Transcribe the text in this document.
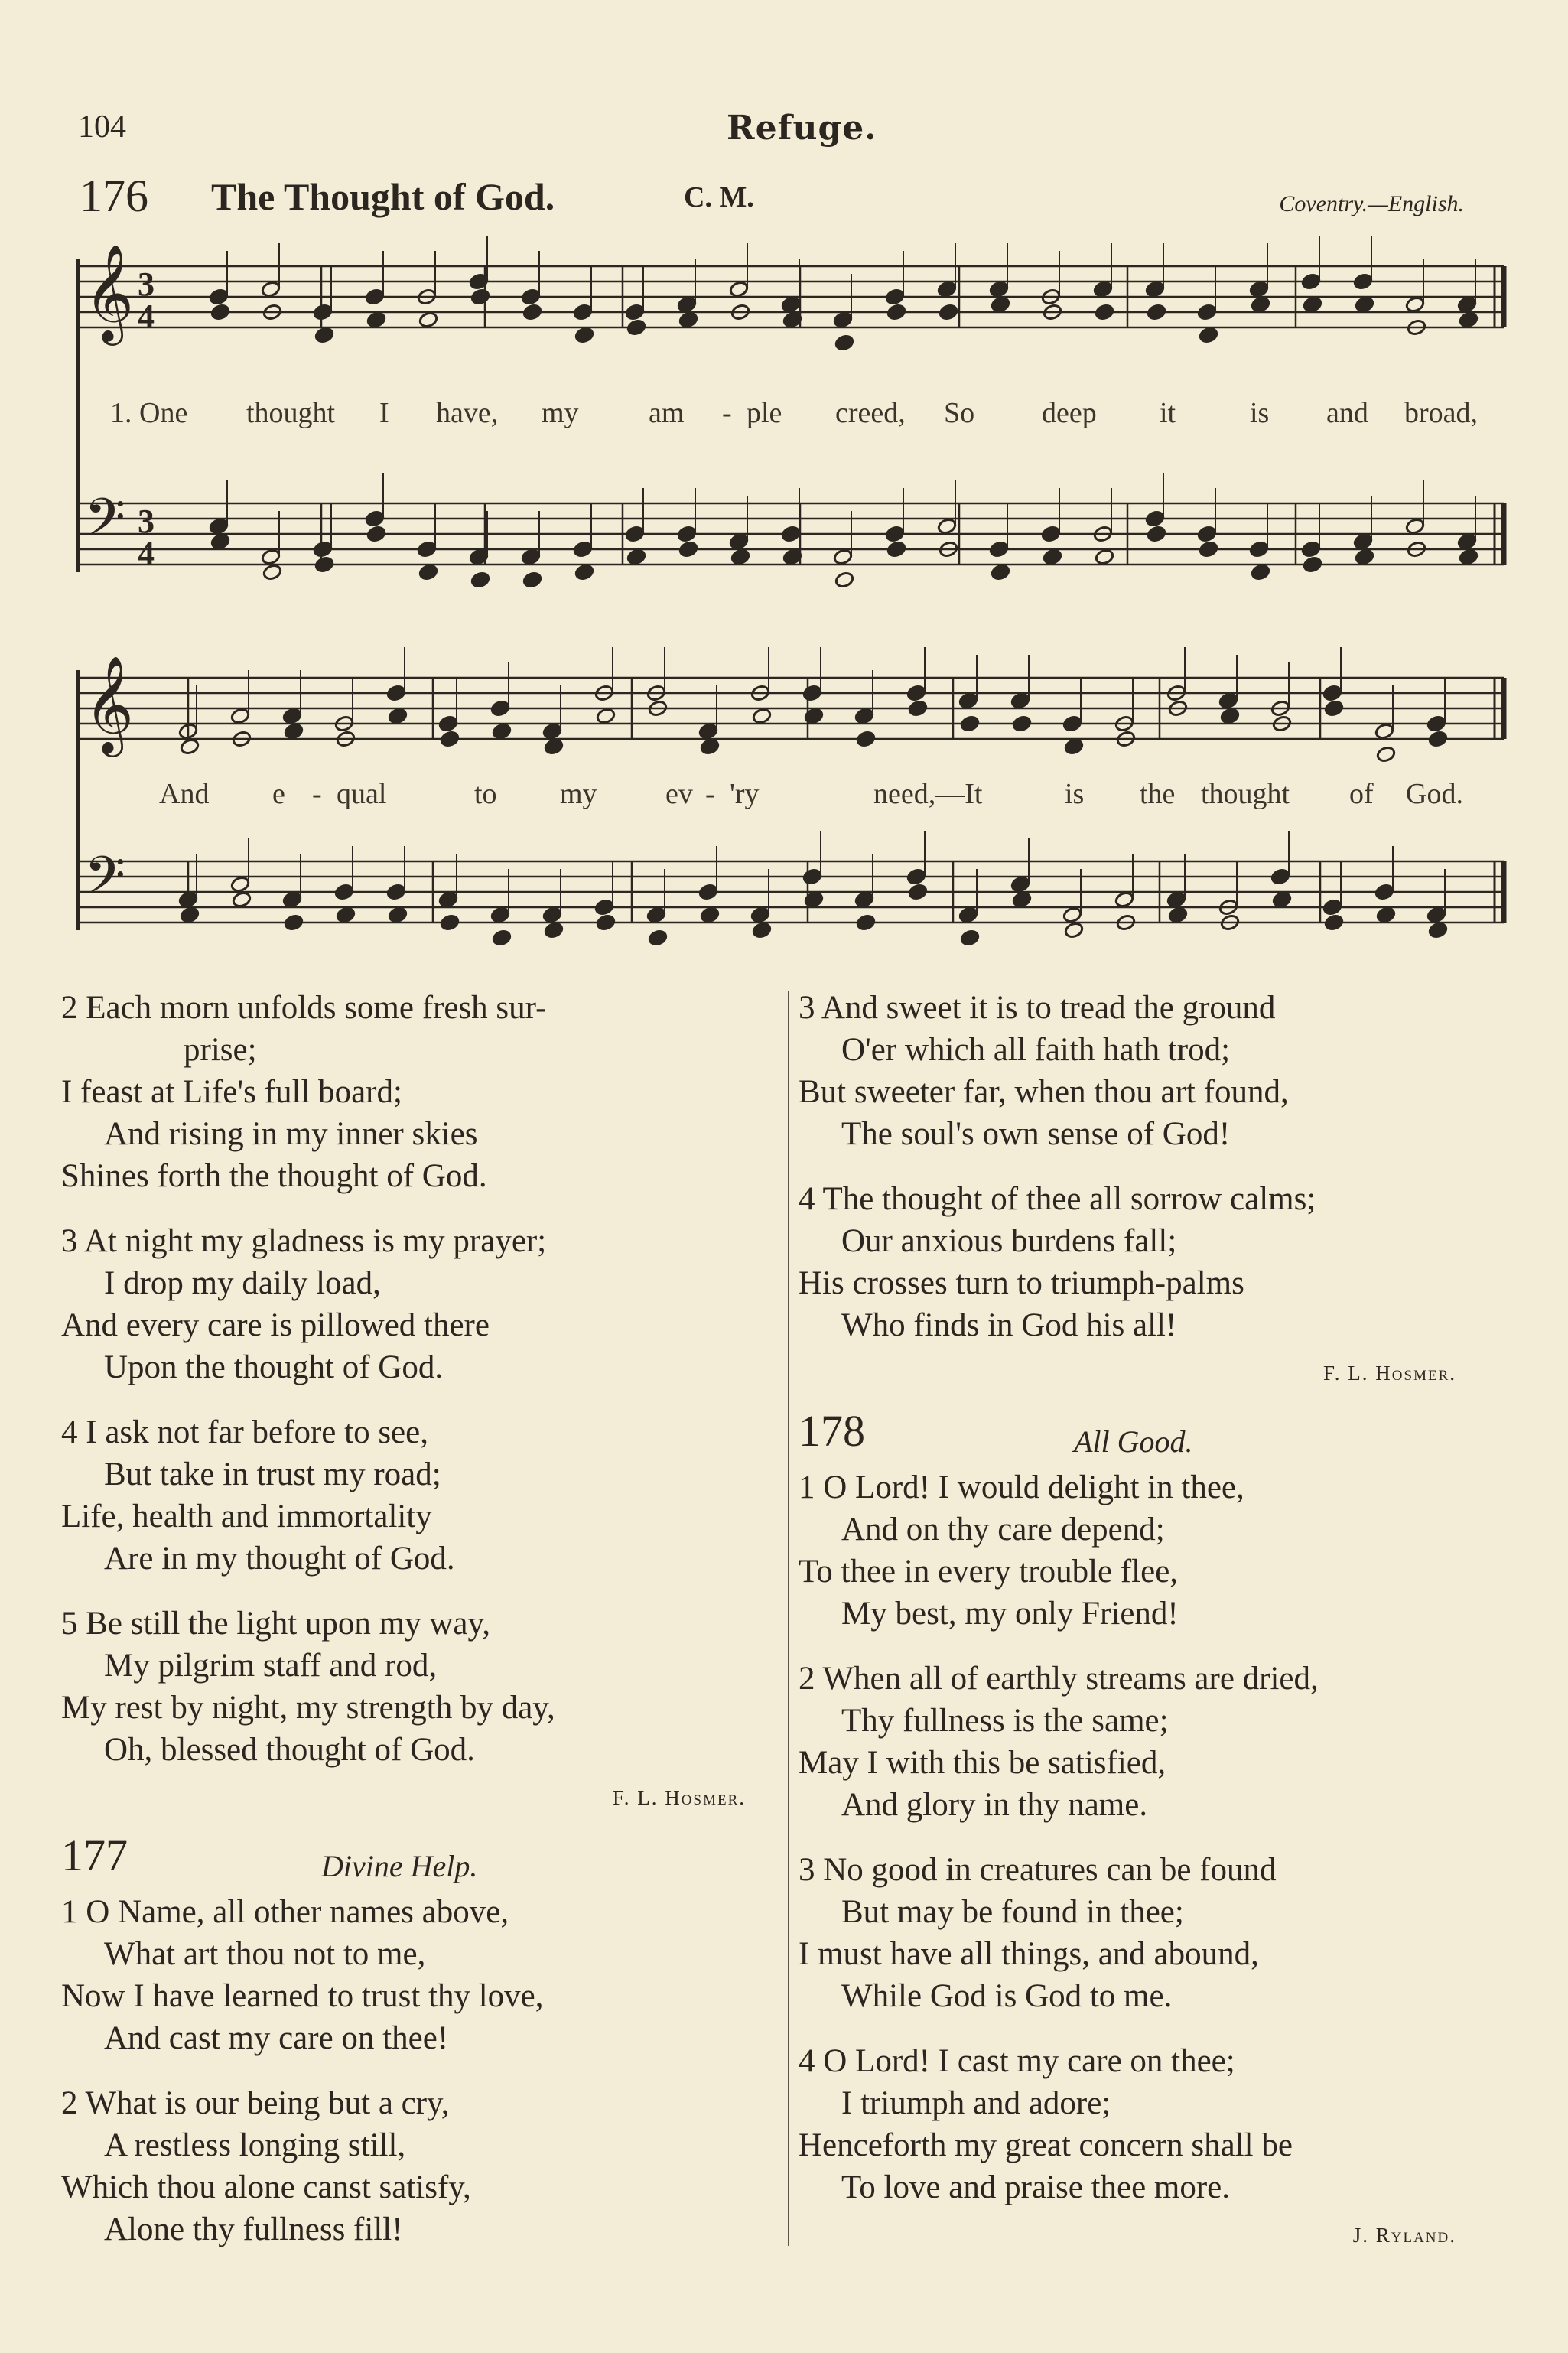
104	Refuge.
176 The Thought of God.	C. M.	Coventry.—English.
𝄞 3
4
𝄢 3
4
1. One thought I have, my am - ple creed, So deep it	is and broad,
𝄞
𝄢
And e - qual	to my ev - 'ry	need,—It	is the thought of God.
2 Each morn unfolds some fresh sur-
prise;
I feast at Life's full board;
And rising in my inner skies
Shines forth the thought of God.
3 At night my gladness is my prayer;
I drop my daily load,
And every care is pillowed there
Upon the thought of God.
4 I ask not far before to see,
But take in trust my road;
Life, health and immortality
Are in my thought of God.
5 Be still the light upon my way,
My pilgrim staff and rod,
My rest by night, my strength by day,
Oh, blessed thought of God.
F. L. Hosmer.
177	Divine Help.
1 O Name, all other names above,
What art thou not to me,
Now I have learned to trust thy love,
And cast my care on thee!
2 What is our being but a cry,
A restless longing still,
Which thou alone canst satisfy,
Alone thy fullness fill!
3 And sweet it is to tread the ground
O'er which all faith hath trod;
But sweeter far, when thou art found,
The soul's own sense of God!
4 The thought of thee all sorrow calms;
Our anxious burdens fall;
His crosses turn to triumph-palms
Who finds in God his all!
F. L. Hosmer.
178	All Good.
1 O Lord! I would delight in thee,
And on thy care depend;
To thee in every trouble flee,
My best, my only Friend!
2 When all of earthly streams are dried,
Thy fullness is the same;
May I with this be satisfied,
And glory in thy name.
3 No good in creatures can be found
But may be found in thee;
I must have all things, and abound,
While God is God to me.
4 O Lord! I cast my care on thee;
I triumph and adore;
Henceforth my great concern shall be
To love and praise thee more.
J. Ryland.
